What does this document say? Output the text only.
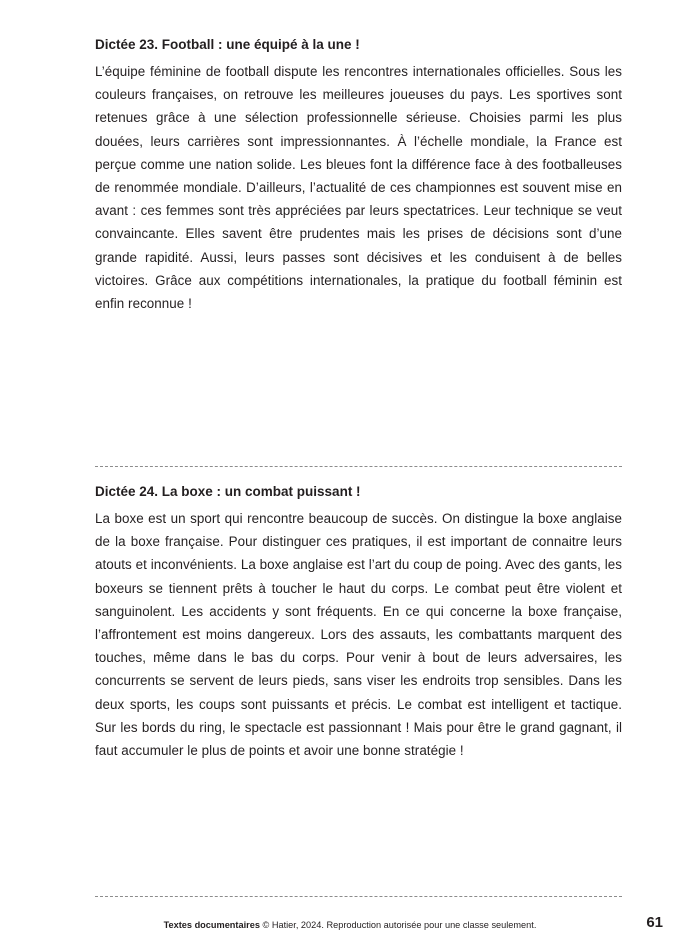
Dictée 23. Football : une équipé à la une !

L’équipe féminine de football dispute les rencontres internationales officielles. Sous les couleurs françaises, on retrouve les meilleures joueuses du pays. Les sportives sont retenues grâce à une sélection professionnelle sérieuse. Choisies parmi les plus douées, leurs carrières sont impressionnantes. À l’échelle mondiale, la France est perçue comme une nation solide. Les bleues font la différence face à des footballeuses de renommée mondiale. D’ailleurs, l’actualité de ces championnes est souvent mise en avant : ces femmes sont très appréciées par leurs spectatrices. Leur technique se veut convaincante. Elles savent être prudentes mais les prises de décisions sont d’une grande rapidité. Aussi, leurs passes sont décisives et les conduisent à de belles victoires. Grâce aux compétitions internationales, la pratique du football féminin est enfin reconnue !

Dictée 24. La boxe : un combat puissant !

La boxe est un sport qui rencontre beaucoup de succès. On distingue la boxe anglaise de la boxe française. Pour distinguer ces pratiques, il est important de connaitre leurs atouts et inconvénients. La boxe anglaise est l’art du coup de poing. Avec des gants, les boxeurs se tiennent prêts à toucher le haut du corps. Le combat peut être violent et sanguinolent. Les accidents y sont fréquents. En ce qui concerne la boxe française, l’affrontement est moins dangereux. Lors des assauts, les combattants marquent des touches, même dans le bas du corps. Pour venir à bout de leurs adversaires, les concurrents se servent de leurs pieds, sans viser les endroits trop sensibles. Dans les deux sports, les coups sont puissants et précis. Le combat est intelligent et tactique. Sur les bords du ring, le spectacle est passionnant ! Mais pour être le grand gagnant, il faut accumuler le plus de points et avoir une bonne stratégie !

Textes documentaires © Hatier, 2024. Reproduction autorisée pour une classe seulement.	61
